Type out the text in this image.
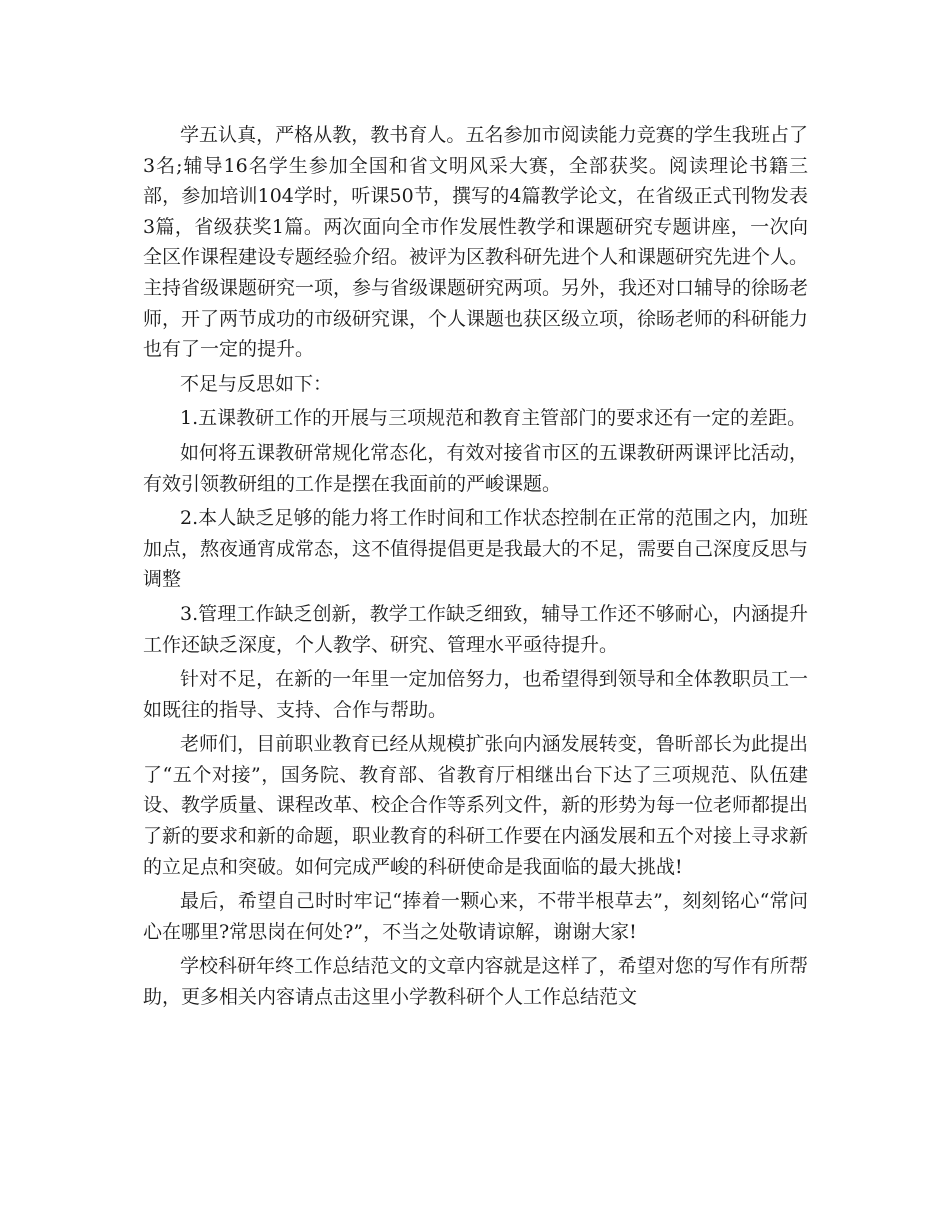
学五认真，严格从教，教书育人。五名参加市阅读能力竞赛的学生我班占了3名;辅导16名学生参加全国和省文明风采大赛，全部获奖。阅读理论书籍三部，参加培训104学时，听课50节，撰写的4篇教学论文，在省级正式刊物发表3篇，省级获奖1篇。两次面向全市作发展性教学和课题研究专题讲座，一次向全区作课程建设专题经验介绍。被评为区教科研先进个人和课题研究先进个人。主持省级课题研究一项，参与省级课题研究两项。另外，我还对口辅导的徐旸老师，开了两节成功的市级研究课，个人课题也获区级立项，徐旸老师的科研能力也有了一定的提升。

不足与反思如下：

1.五课教研工作的开展与三项规范和教育主管部门的要求还有一定的差距。

如何将五课教研常规化常态化，有效对接省市区的五课教研两课评比活动，有效引领教研组的工作是摆在我面前的严峻课题。

2.本人缺乏足够的能力将工作时间和工作状态控制在正常的范围之内，加班加点，熬夜通宵成常态，这不值得提倡更是我最大的不足，需要自己深度反思与调整

3.管理工作缺乏创新，教学工作缺乏细致，辅导工作还不够耐心，内涵提升工作还缺乏深度，个人教学、研究、管理水平亟待提升。

针对不足，在新的一年里一定加倍努力，也希望得到领导和全体教职员工一如既往的指导、支持、合作与帮助。

老师们，目前职业教育已经从规模扩张向内涵发展转变，鲁昕部长为此提出了“五个对接”，国务院、教育部、省教育厅相继出台下达了三项规范、队伍建设、教学质量、课程改革、校企合作等系列文件，新的形势为每一位老师都提出了新的要求和新的命题，职业教育的科研工作要在内涵发展和五个对接上寻求新的立足点和突破。如何完成严峻的科研使命是我面临的最大挑战!

最后，希望自己时时牢记“捧着一颗心来，不带半根草去”，刻刻铭心“常问心在哪里?常思岗在何处?”，不当之处敬请谅解，谢谢大家!

学校科研年终工作总结范文的文章内容就是这样了，希望对您的写作有所帮助，更多相关内容请点击这里小学教科研个人工作总结范文
